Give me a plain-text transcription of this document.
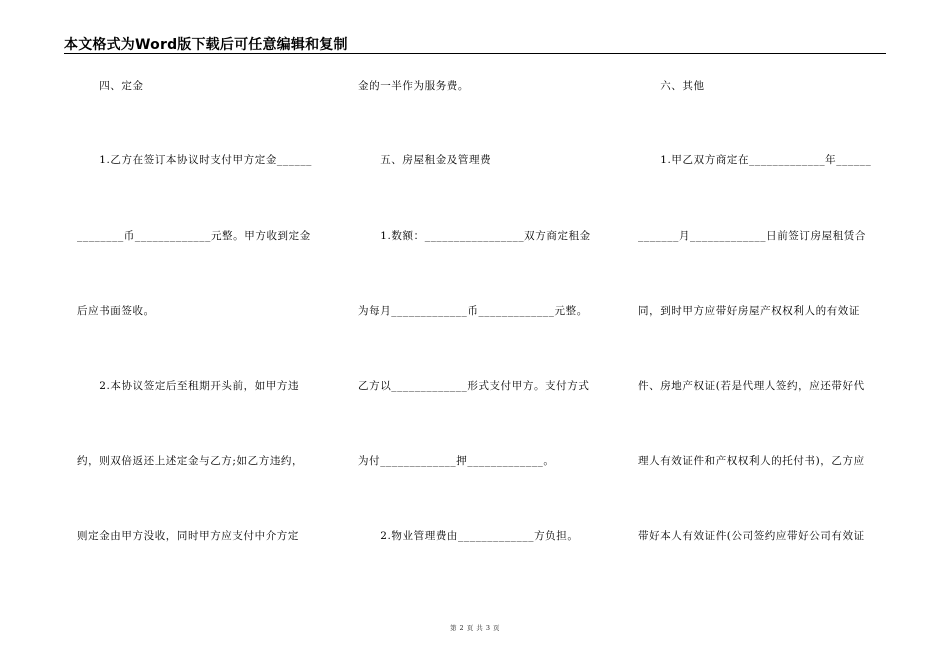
本文格式为Word版下载后可任意编辑和复制
　　四、定金
　　1.乙方在签订本协议时支付甲方定金______
________币_____________元整。甲方收到定金
后应书面签收。
　　2.本协议签定后至租期开头前，如甲方违
约，则双倍返还上述定金与乙方;如乙方违约，
则定金由甲方没收，同时甲方应支付中介方定
金的一半作为服务费。
　　五、房屋租金及管理费
　　1.数额：_________________双方商定租金
为每月_____________币_____________元整。
乙方以_____________形式支付甲方。支付方式
为付_____________押_____________。
　　2.物业管理费由_____________方负担。
　　六、其他
　　1.甲乙双方商定在_____________年______
_______月_____________日前签订房屋租赁合
同，到时甲方应带好房屋产权权利人的有效证
件、房地产权证(若是代理人签约，应还带好代
理人有效证件和产权权利人的托付书)，乙方应
带好本人有效证件(公司签约应带好公司有效证
第 2 页 共 3 页
